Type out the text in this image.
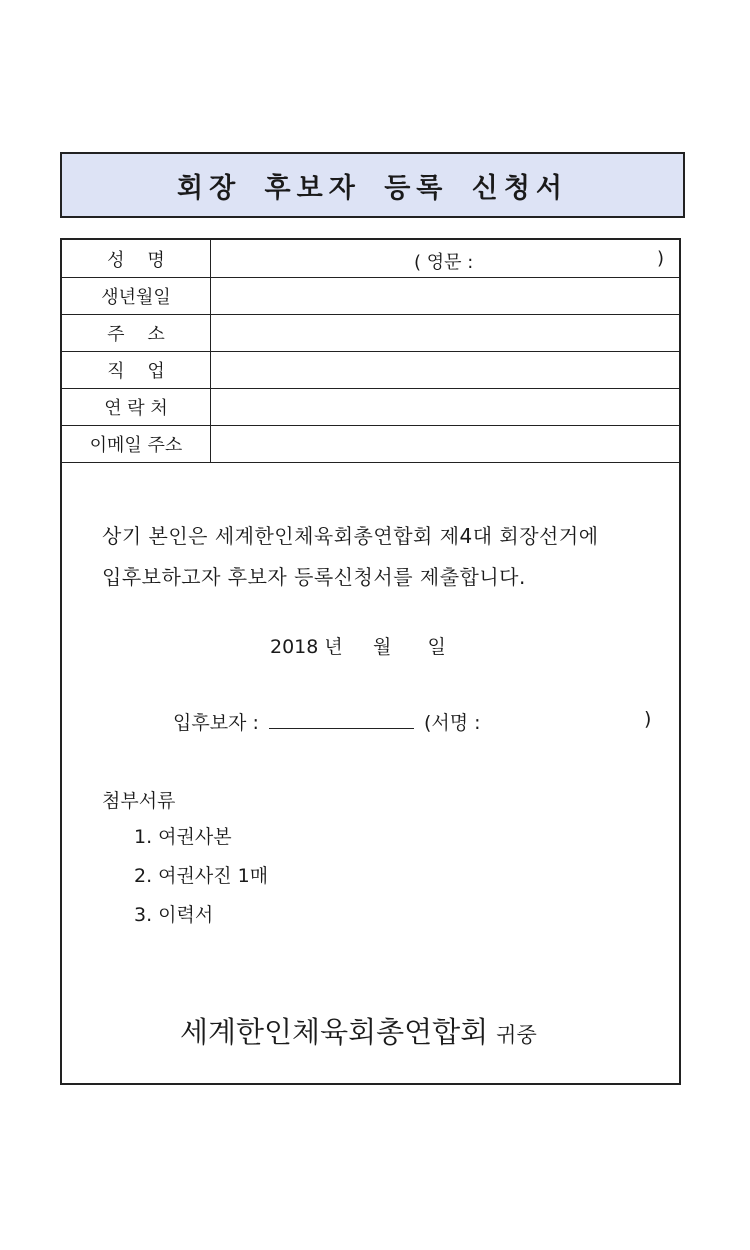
회장 후보자 등록 신청서
성    명	( 영문 : )

생년월일	
주    소	
직    업	
연 락 처	
이메일 주소	
상기 본인은 세계한인체육회총연합회 제4대 회장선거에
입후보하고자 후보자 등록신청서를 제출합니다.
2018 년     월      일
입후보자 :	(서명 :	)
첨부서류
1. 여권사본
2. 여권사진 1매
3. 이력서
세계한인체육회총연합회 귀중
